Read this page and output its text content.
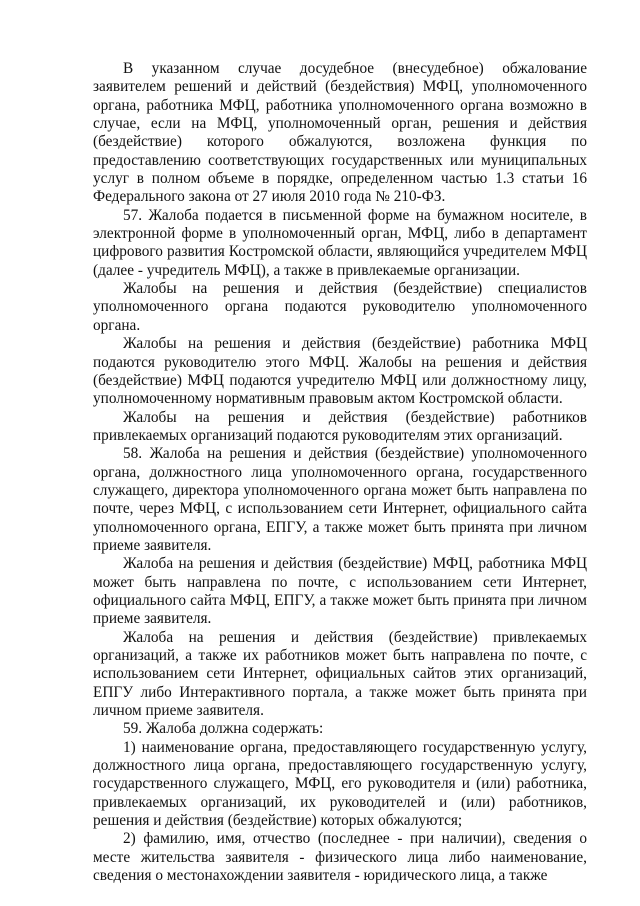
В указанном случае досудебное (внесудебное) обжалование заявителем решений и действий (бездействия) МФЦ, уполномоченного органа, работника МФЦ, работника уполномоченного органа возможно в случае, если на МФЦ, уполномоченный орган, решения и действия (бездействие) которого обжалуются, возложена функция по предоставлению соответствующих государственных или муниципальных услуг в полном объеме в порядке, определенном частью 1.3 статьи 16 Федерального закона от 27 июля 2010 года № 210-ФЗ.

57. Жалоба подается в письменной форме на бумажном носителе, в электронной форме в уполномоченный орган, МФЦ, либо в департамент цифрового развития Костромской области, являющийся учредителем МФЦ (далее - учредитель МФЦ), а также в привлекаемые организации.

Жалобы на решения и действия (бездействие) специалистов уполномоченного органа подаются руководителю уполномоченного органа.

Жалобы на решения и действия (бездействие) работника МФЦ подаются руководителю этого МФЦ. Жалобы на решения и действия (бездействие) МФЦ подаются учредителю МФЦ или должностному лицу, уполномоченному нормативным правовым актом Костромской области.

Жалобы на решения и действия (бездействие) работников привлекаемых организаций подаются руководителям этих организаций.

58. Жалоба на решения и действия (бездействие) уполномоченного органа, должностного лица уполномоченного органа, государственного служащего, директора уполномоченного органа может быть направлена по почте, через МФЦ, с использованием сети Интернет, официального сайта уполномоченного органа, ЕПГУ, а также может быть принята при личном приеме заявителя.

Жалоба на решения и действия (бездействие) МФЦ, работника МФЦ может быть направлена по почте, с использованием сети Интернет, официального сайта МФЦ, ЕПГУ, а также может быть принята при личном приеме заявителя.

Жалоба на решения и действия (бездействие) привлекаемых организаций, а также их работников может быть направлена по почте, с использованием сети Интернет, официальных сайтов этих организаций, ЕПГУ либо Интерактивного портала, а также может быть принята при личном приеме заявителя.

59. Жалоба должна содержать:

1) наименование органа, предоставляющего государственную услугу, должностного лица органа, предоставляющего государственную услугу, государственного служащего, МФЦ, его руководителя и (или) работника, привлекаемых организаций, их руководителей и (или) работников, решения и действия (бездействие) которых обжалуются;

2) фамилию, имя, отчество (последнее - при наличии), сведения о месте жительства заявителя - физического лица либо наименование, сведения о местонахождении заявителя - юридического лица, а также
